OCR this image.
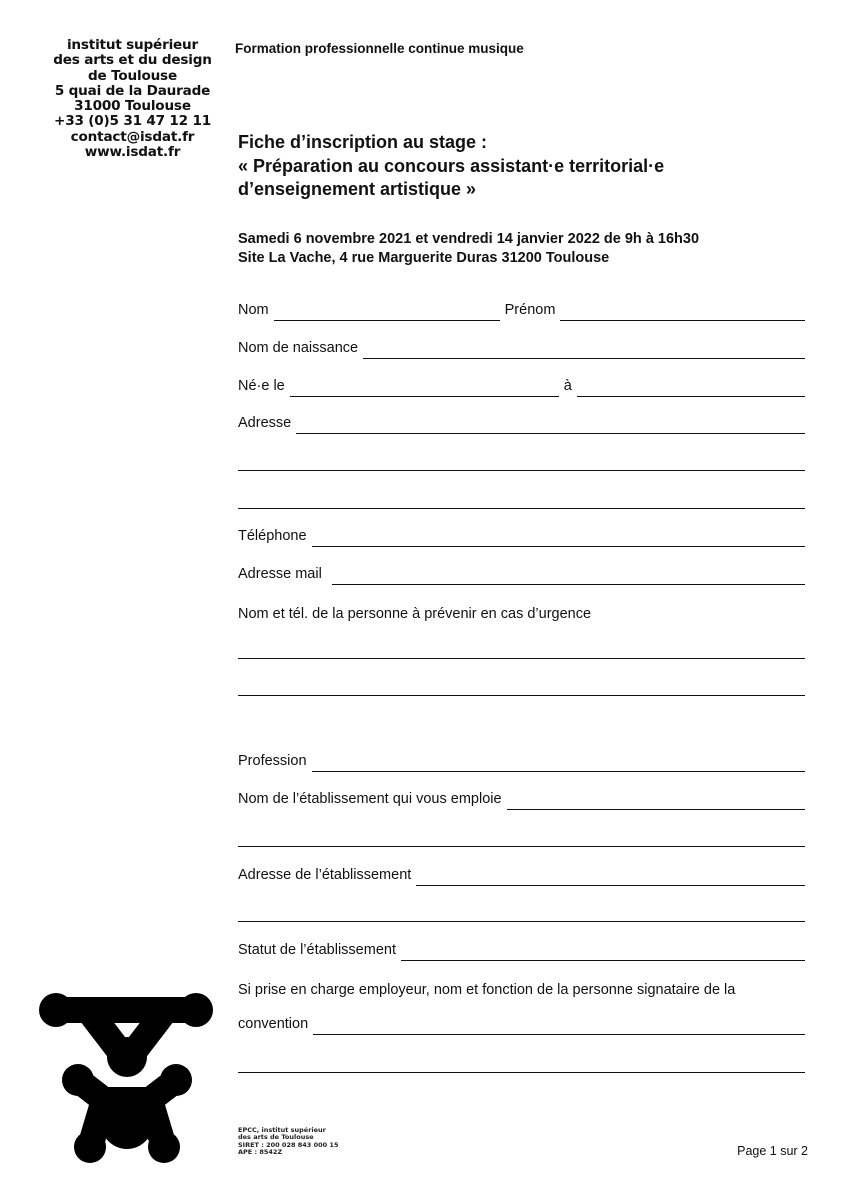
institut supérieur
des arts et du design
de Toulouse
5 quai de la Daurade
31000 Toulouse
+33 (0)5 31 47 12 11
contact@isdat.fr
www.isdat.fr
Formation professionnelle continue musique
Fiche d’inscription au stage :
« Préparation au concours assistant·e territorial·e
d’enseignement artistique »
Samedi 6 novembre 2021 et vendredi 14 janvier 2022 de 9h à 16h30
Site La Vache, 4 rue Marguerite Duras 31200 Toulouse
Nom	Prénom
Nom de naissance
Né·e le	à
Adresse
Téléphone
Adresse mail
Nom et tél. de la personne à prévenir en cas d’urgence
Profession
Nom de l’établissement qui vous emploie
Adresse de l’établissement
Statut de l’établissement
Si prise en charge employeur, nom et fonction de la personne signataire de la
convention
EPCC, institut supérieur
des arts de Toulouse
SIRET : 200 028 843 000 15
APE : 8542Z	Page 1 sur 2
